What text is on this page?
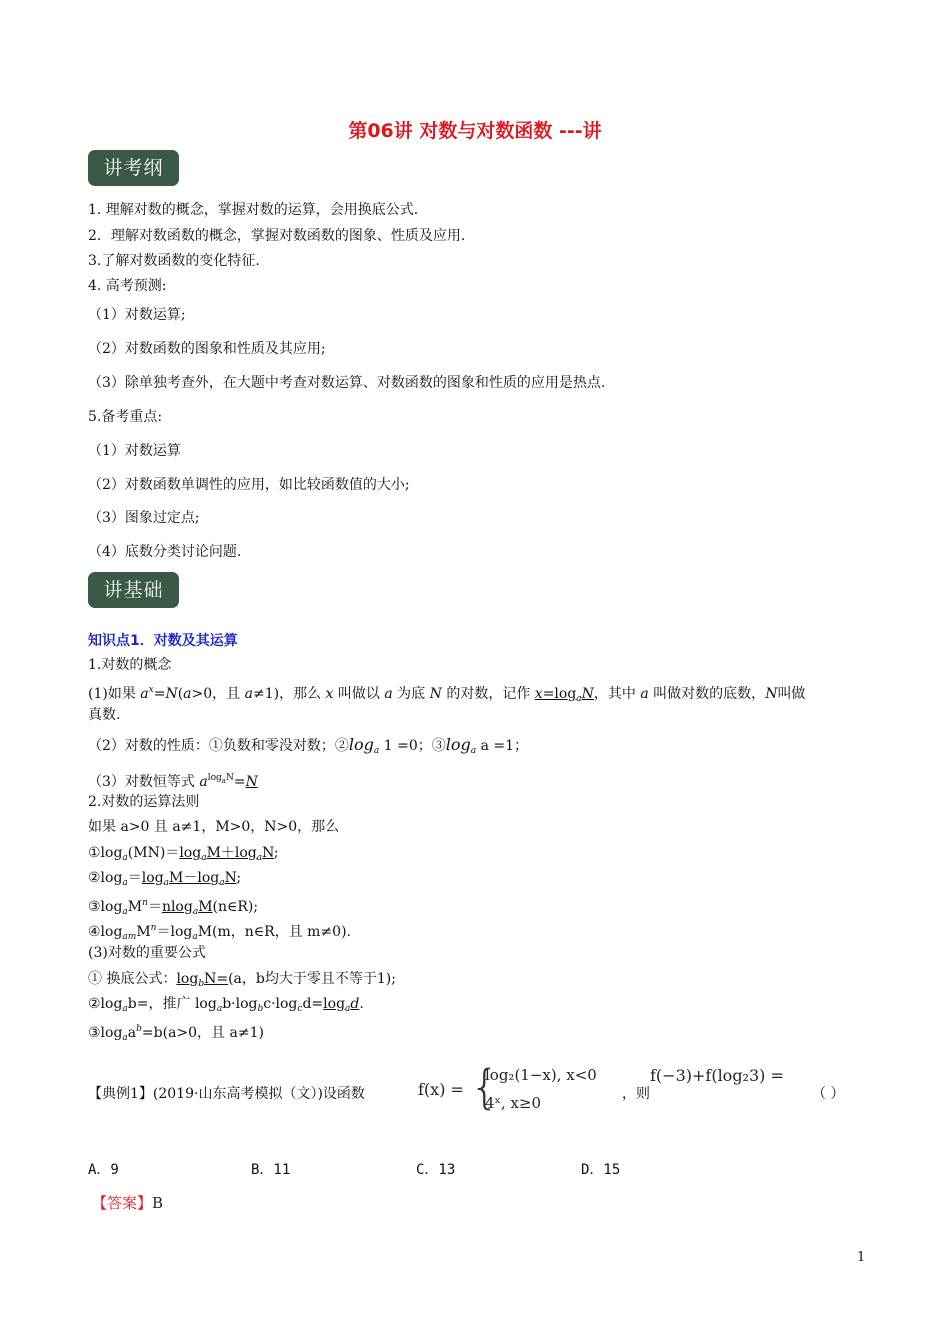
第06讲 对数与对数函数 ---讲
讲考纲
1. 理解对数的概念，掌握对数的运算，会用换底公式.
2．理解对数函数的概念，掌握对数函数的图象、性质及应用.
3.了解对数函数的变化特征.
4. 高考预测:
（1）对数运算;
（2）对数函数的图象和性质及其应用;
（3）除单独考查外，在大题中考查对数运算、对数函数的图象和性质的应用是热点.
5.备考重点:
（1）对数运算
（2）对数函数单调性的应用，如比较函数值的大小;
（3）图象过定点;
（4）底数分类讨论问题.
讲基础
知识点1．对数及其运算
1.对数的概念
(1)如果 $a^x=N(a>0$，且 a≠1)，那么 x 叫做以 a 为底 N 的对数，记作 $x=\log_aN$，其中 a 叫做对数的底数，N叫做
真数.
（2）对数的性质：①负数和零没对数；$②\log_a$ 1 =0；$③\log_a$ a =1；
（3）对数恒等式 $a^{log_aN}=N$
2.对数的运算法则
如果 a>0 且 a≠1，M>0，N>0，那么
$①\log_a(MN)=\log_aM+\log_aN$;
$②\log_a=\log_aM-\log_aN$;
$③\log_aM^n=nlog_aM(n\in R)$;
$④\log_{am}M^n=\log_aM(m$，n∈R，且 m≠0).
(3)对数的重要公式
① 换底公式：$\log_bN=(a$，b均大于零且不等于1);
$②\log_ab=$，推广 $\log_ab\cdot\log_bc\cdot\log_cd=\log_ad$.
$③\log_aa^b=b(a>0$，且 a≠1)
【典例1】(2019·山东高考模拟（文）)设函数	f(x) = {
log₂(1−x), x<0
4ˣ, x≥0	，则
f(−3)+f(log₂3) =
（ ）
A．9	B．11	C．13	D．15
【答案】B
1
